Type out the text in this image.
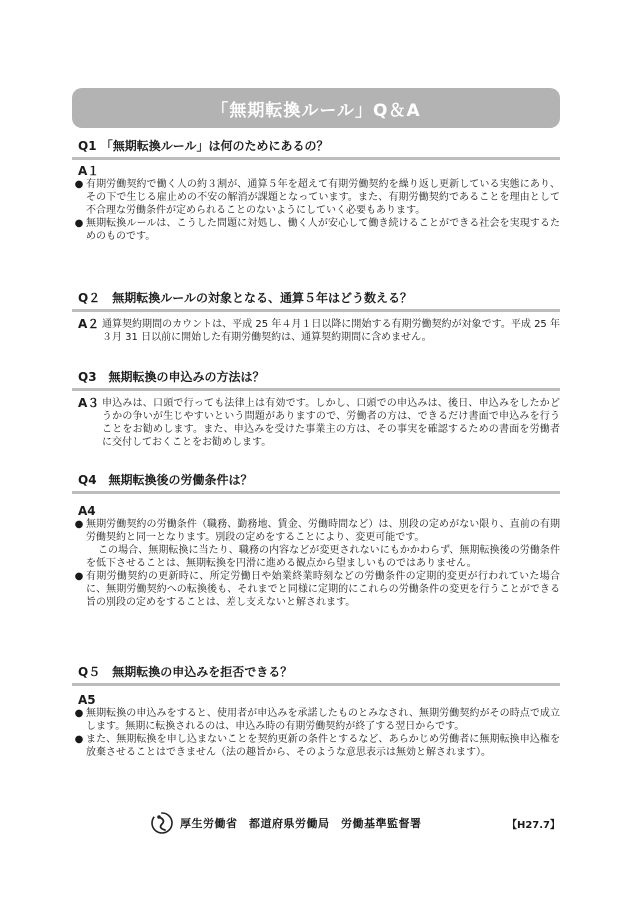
「無期転換ルール」Q＆A
Q1 「無期転換ルール」は何のためにあるの？
A１
● 有期労働契約で働く人の約３割が、通算５年を超えて有期労働契約を繰り返し更新している実態にあり、その下で生じる雇止めの不安の解消が課題となっています。また、有期労働契約であることを理由として不合理な労働条件が定められることのないようにしていく必要もあります。

● 無期転換ルールは、こうした問題に対処し、働く人が安心して働き続けることができる社会を実現するためのものです。

Q２　無期転換ルールの対象となる、通算５年はどう数える？
A２ 通算契約期間のカウントは、平成 25 年４月１日以降に開始する有期労働契約が対象です。平成 25 年３月 31 日以前に開始した有期労働契約は、通算契約期間に含めません。

Q3　無期転換の申込みの方法は？
A３ 申込みは、口頭で行っても法律上は有効です。しかし、口頭での申込みは、後日、申込みをしたかどうかの争いが生じやすいという問題がありますので、労働者の方は、できるだけ書面で申込みを行うことをお勧めします。また、申込みを受けた事業主の方は、その事実を確認するための書面を労働者に交付しておくことをお勧めします。

Q4　無期転換後の労働条件は？
A4
● 無期労働契約の労働条件（職務、勤務地、賃金、労働時間など）は、別段の定めがない限り、直前の有期労働契約と同一となります。別段の定めをすることにより、変更可能です。

この場合、無期転換に当たり、職務の内容などが変更されないにもかかわらず、無期転換後の労働条件を低下させることは、無期転換を円滑に進める観点から望ましいものではありません。

● 有期労働契約の更新時に、所定労働日や始業終業時刻などの労働条件の定期的変更が行われていた場合に、無期労働契約への転換後も、それまでと同様に定期的にこれらの労働条件の変更を行うことができる旨の別段の定めをすることは、差し支えないと解されます。

Q５　無期転換の申込みを拒否できる？
A5
● 無期転換の申込みをすると、使用者が申込みを承諾したものとみなされ、無期労働契約がその時点で成立します。無期に転換されるのは、申込み時の有期労働契約が終了する翌日からです。

● また、無期転換を申し込まないことを契約更新の条件とするなど、あらかじめ労働者に無期転換申込権を放棄させることはできません（法の趣旨から、そのような意思表示は無効と解されます）。

厚生労働省　都道府県労働局　労働基準監督署	【H27.7】
